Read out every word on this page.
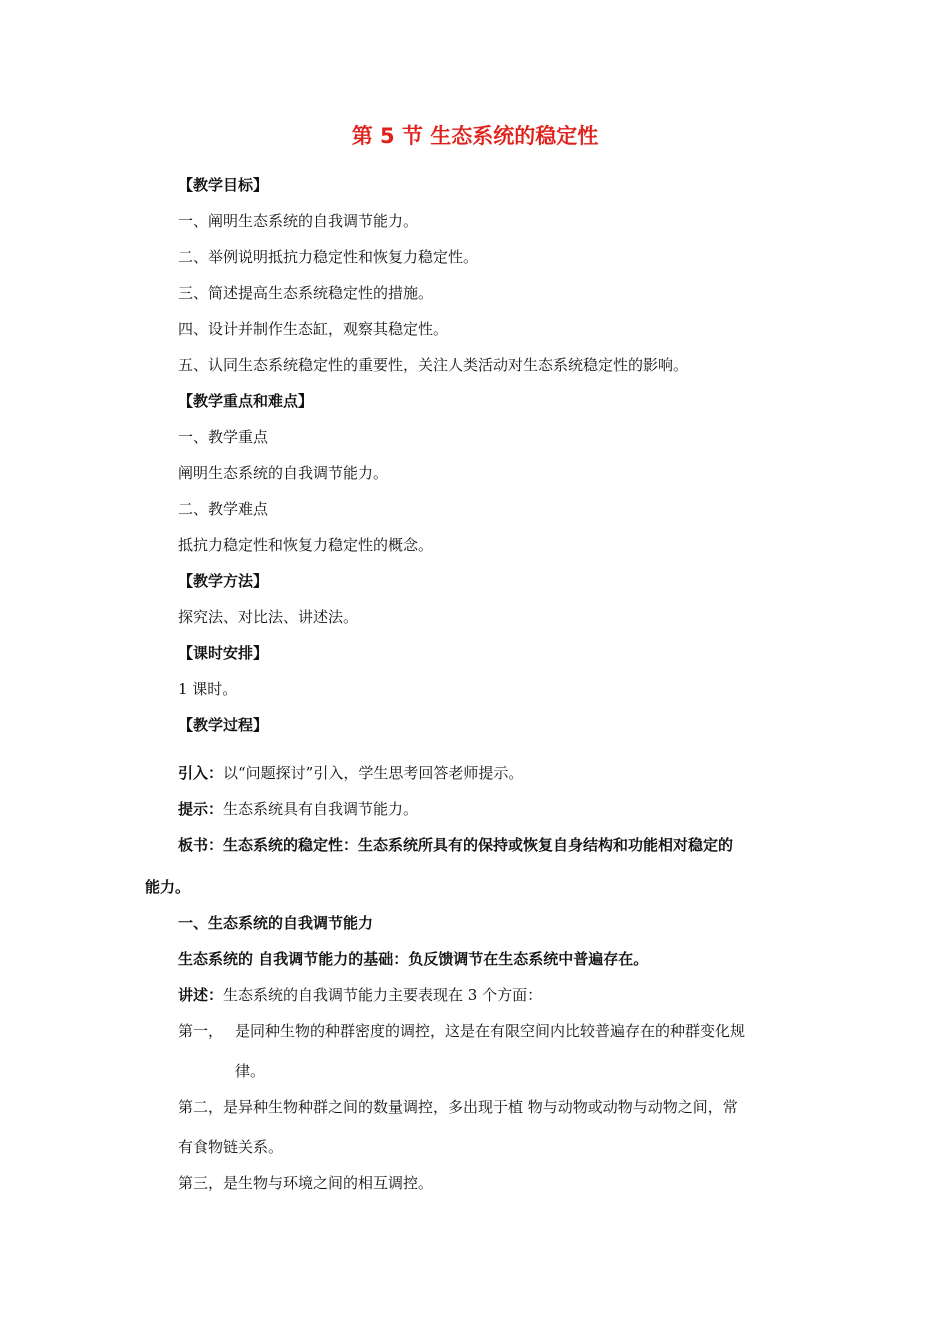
第 5 节 生态系统的稳定性
【教学目标】
一、阐明生态系统的自我调节能力。
二、举例说明抵抗力稳定性和恢复力稳定性。
三、简述提高生态系统稳定性的措施。
四、设计并制作生态缸，观察其稳定性。
五、认同生态系统稳定性的重要性，关注人类活动对生态系统稳定性的影响。
【教学重点和难点】
一、教学重点
阐明生态系统的自我调节能力。
二、教学难点
抵抗力稳定性和恢复力稳定性的概念。
【教学方法】
探究法、对比法、讲述法。
【课时安排】
1 课时。
【教学过程】
引入：以“问题探讨”引入，学生思考回答老师提示。
提示：生态系统具有自我调节能力。
板书：生态系统的稳定性：生态系统所具有的保持或恢复自身结构和功能相对稳定的
能力。
一、生态系统的自我调节能力
生态系统的 自我调节能力的基础：负反馈调节在生态系统中普遍存在。
讲述：生态系统的自我调节能力主要表现在 3 个方面：
第一， 是同种生物的种群密度的调控，这是在有限空间内比较普遍存在的种群变化规
律。
第二，是异种生物种群之间的数量调控，多出现于植 物与动物或动物与动物之间，常
有食物链关系。
第三，是生物与环境之间的相互调控。
